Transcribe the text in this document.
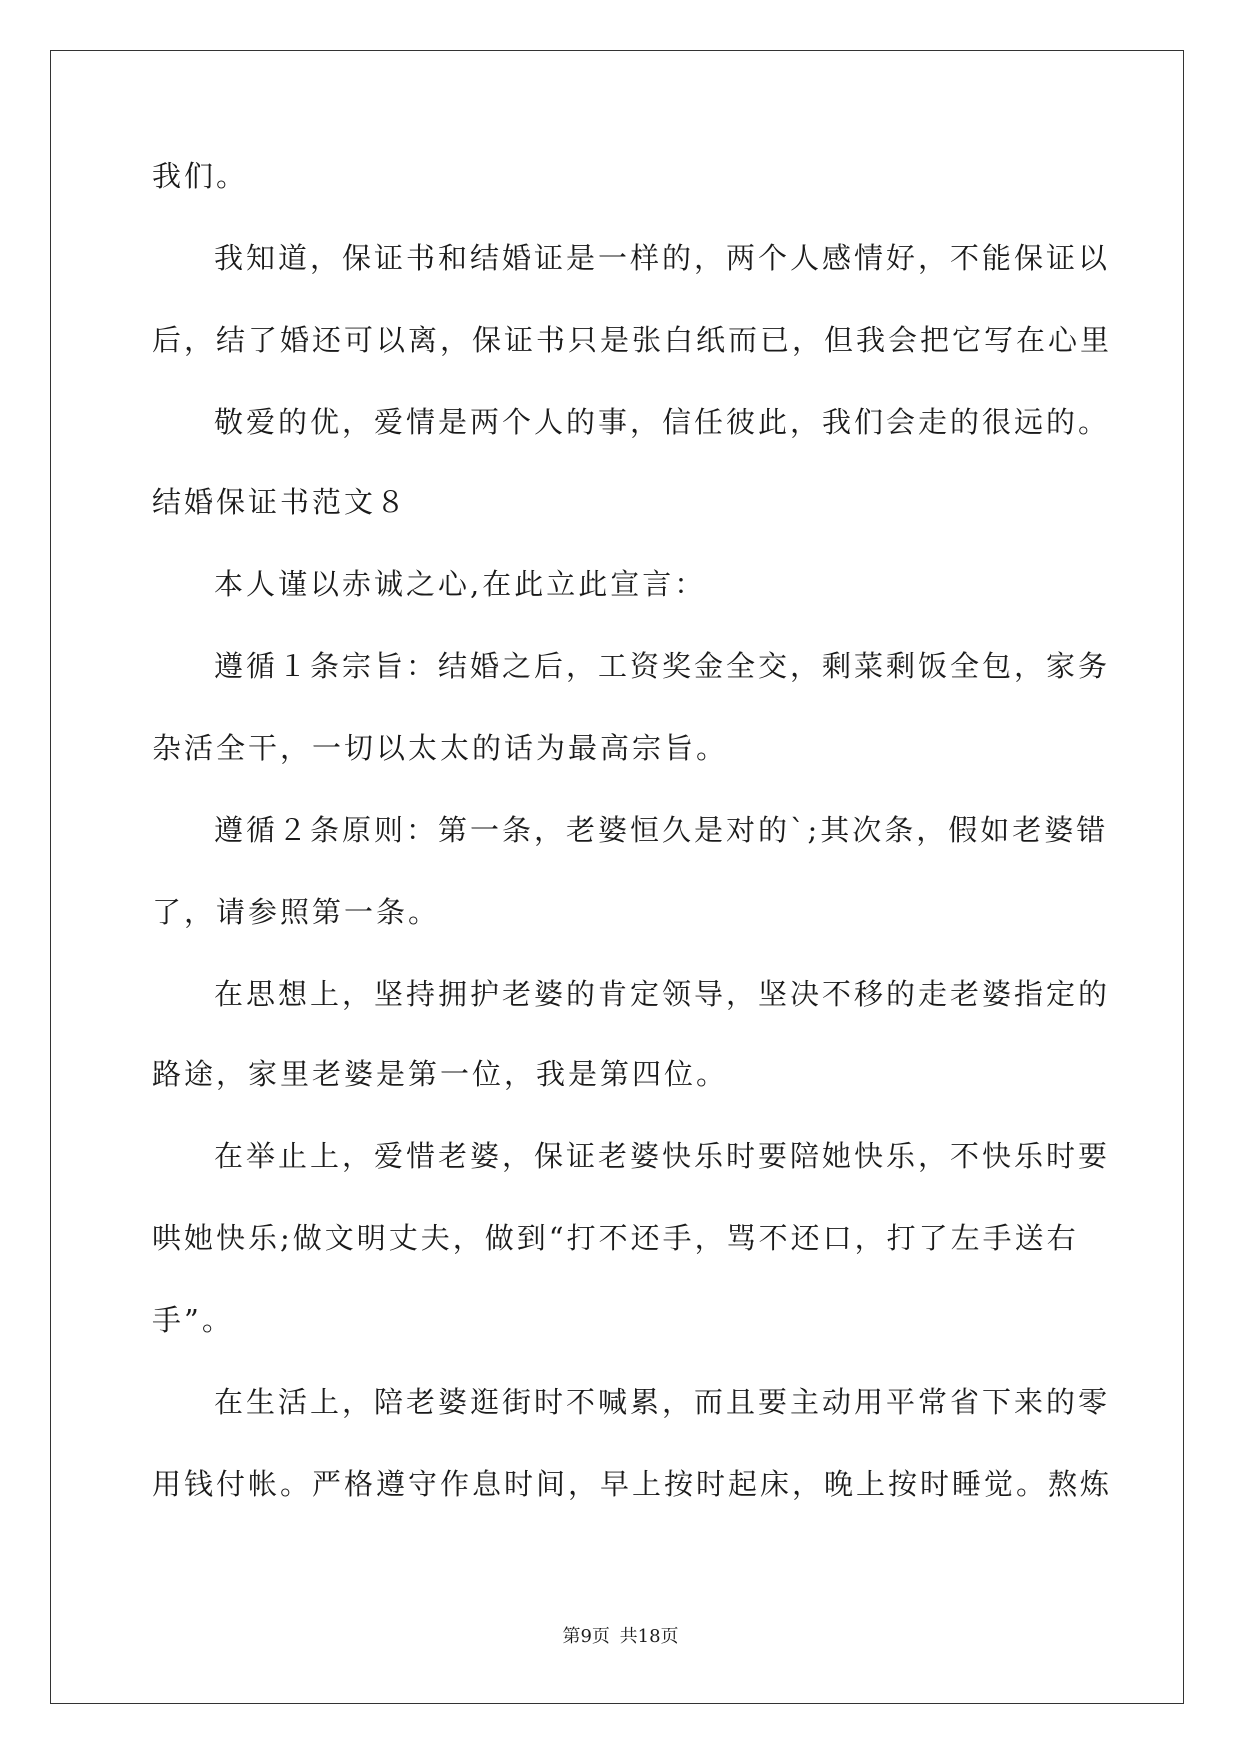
我们。
我知道，保证书和结婚证是一样的，两个人感情好，不能保证以
后，结了婚还可以离，保证书只是张白纸而已，但我会把它写在心里
敬爱的优，爱情是两个人的事，信任彼此，我们会走的很远的。
结婚保证书范文８
本人谨以赤诚之心,在此立此宣言：
遵循１条宗旨：结婚之后，工资奖金全交，剩菜剩饭全包，家务
杂活全干，一切以太太的话为最高宗旨。
遵循２条原则：第一条，老婆恒久是对的`;其次条，假如老婆错
了，请参照第一条。
在思想上，坚持拥护老婆的肯定领导，坚决不移的走老婆指定的
路途，家里老婆是第一位，我是第四位。
在举止上，爱惜老婆，保证老婆快乐时要陪她快乐，不快乐时要
哄她快乐;做文明丈夫，做到“打不还手，骂不还口，打了左手送右
手”。
在生活上，陪老婆逛街时不喊累，而且要主动用平常省下来的零
用钱付帐。严格遵守作息时间，早上按时起床，晚上按时睡觉。熬炼
第9页 共18页
